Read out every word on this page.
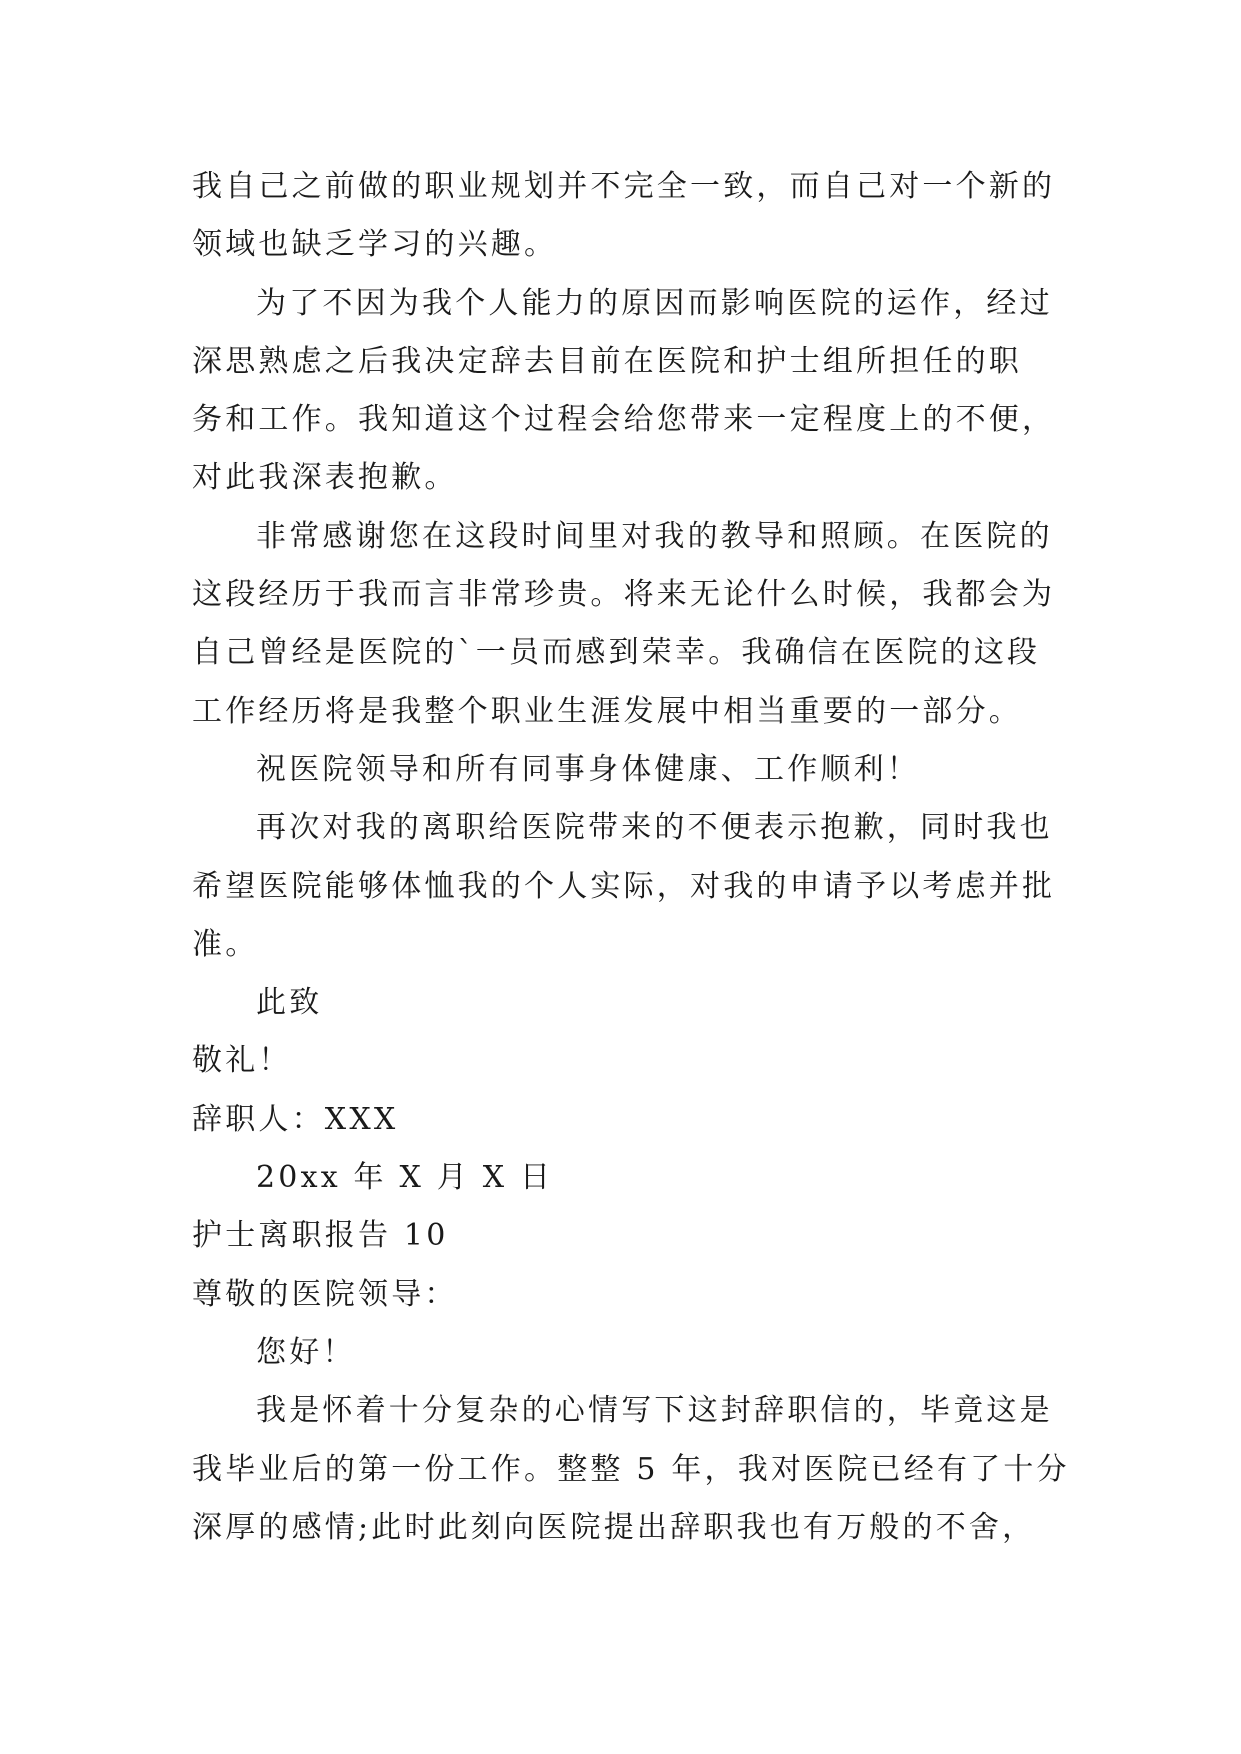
我自己之前做的职业规划并不完全一致，而自己对一个新的
领域也缺乏学习的兴趣。
为了不因为我个人能力的原因而影响医院的运作，经过
深思熟虑之后我决定辞去目前在医院和护士组所担任的职
务和工作。我知道这个过程会给您带来一定程度上的不便，
对此我深表抱歉。
非常感谢您在这段时间里对我的教导和照顾。在医院的
这段经历于我而言非常珍贵。将来无论什么时候，我都会为
自己曾经是医院的`一员而感到荣幸。我确信在医院的这段
工作经历将是我整个职业生涯发展中相当重要的一部分。
祝医院领导和所有同事身体健康、工作顺利！
再次对我的离职给医院带来的不便表示抱歉，同时我也
希望医院能够体恤我的个人实际，对我的申请予以考虑并批
准。
此致
敬礼！
辞职人：XXX
20xx 年 X 月 X 日
护士离职报告 10
尊敬的医院领导：
您好！
我是怀着十分复杂的心情写下这封辞职信的，毕竟这是
我毕业后的第一份工作。整整 5 年，我对医院已经有了十分
深厚的感情;此时此刻向医院提出辞职我也有万般的不舍，
